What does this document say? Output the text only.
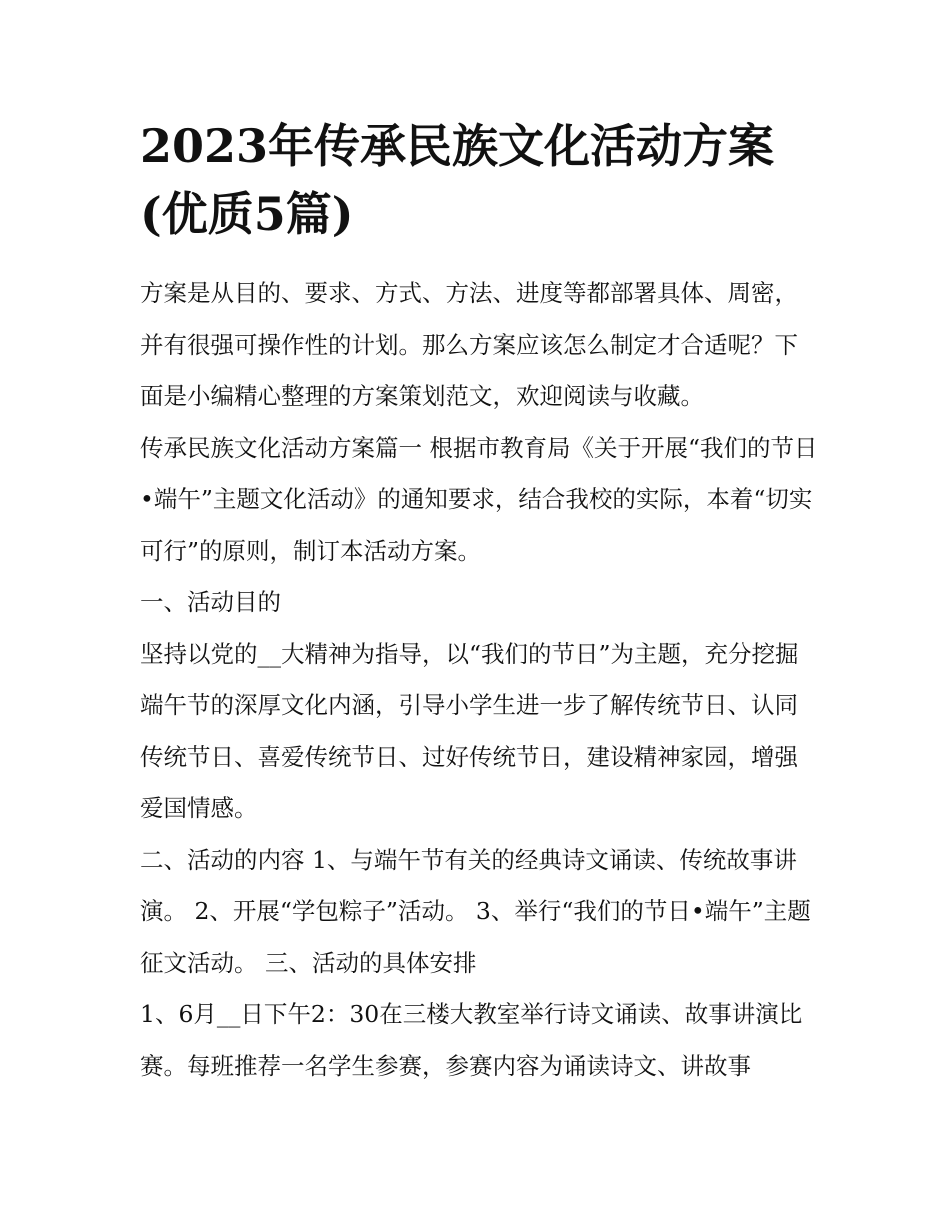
2023年传承民族文化活动方案
(优质5篇)

方案是从目的、要求、方式、方法、进度等都部署具体、周密，并有很强可操作性的计划。那么方案应该怎么制定才合适呢？下面是小编精心整理的方案策划范文，欢迎阅读与收藏。

传承民族文化活动方案篇一 根据市教育局《关于开展“我们的节日•端午”主题文化活动》的通知要求，结合我校的实际，本着“切实可行”的原则，制订本活动方案。

一、活动目的

坚持以党的__大精神为指导，以“我们的节日”为主题，充分挖掘端午节的深厚文化内涵，引导小学生进一步了解传统节日、认同传统节日、喜爱传统节日、过好传统节日，建设精神家园，增强爱国情感。

二、活动的内容 1、与端午节有关的经典诗文诵读、传统故事讲演。 2、开展“学包粽子”活动。 3、举行“我们的节日•端午”主题征文活动。 三、活动的具体安排

1、6月__日下午2：30在三楼大教室举行诗文诵读、故事讲演比赛。每班推荐一名学生参赛，参赛内容为诵读诗文、讲故事
